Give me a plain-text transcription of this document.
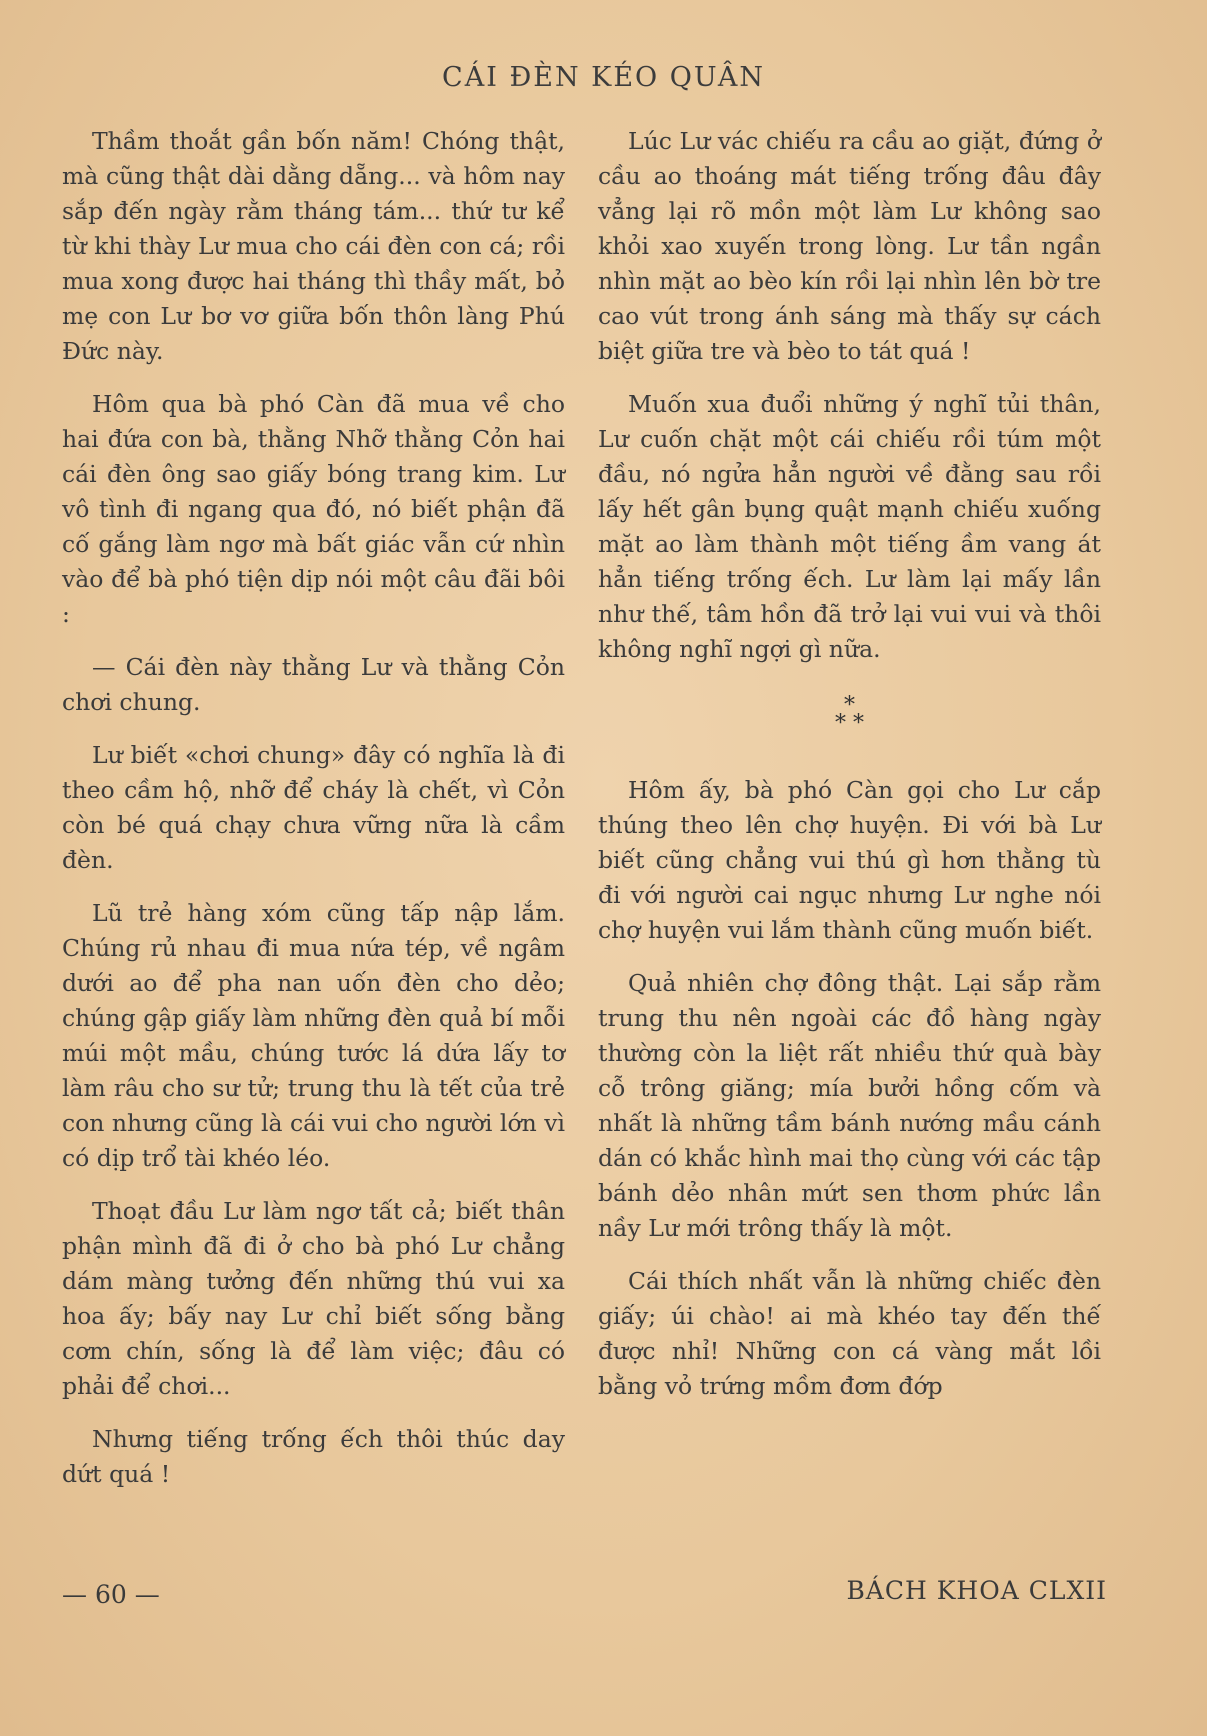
CÁI ĐÈN KÉO QUÂN

Thầm thoắt gần bốn năm! Chóng thật, mà cũng thật dài dằng dẵng... và hôm nay sắp đến ngày rằm tháng tám... thứ tư kể từ khi thày Lư mua cho cái đèn con cá; rồi mua xong được hai tháng thì thầy mất, bỏ mẹ con Lư bơ vơ giữa bốn thôn làng Phú Đức này.

Hôm qua bà phó Càn đã mua về cho hai đứa con bà, thằng Nhỡ thằng Cỏn hai cái đèn ông sao giấy bóng trang kim. Lư vô tình đi ngang qua đó, nó biết phận đã cố gắng làm ngơ mà bất giác vẫn cứ nhìn vào để bà phó tiện dịp nói một câu đãi bôi :

— Cái đèn này thằng Lư và thằng Cỏn chơi chung.

Lư biết «chơi chung» đây có nghĩa là đi theo cầm hộ, nhỡ để cháy là chết, vì Cỏn còn bé quá chạy chưa vững nữa là cầm đèn.

Lũ trẻ hàng xóm cũng tấp nập lắm. Chúng rủ nhau đi mua nứa tép, về ngâm dưới ao để pha nan uốn đèn cho dẻo; chúng gập giấy làm những đèn quả bí mỗi múi một mầu, chúng tước lá dứa lấy tơ làm râu cho sư tử; trung thu là tết của trẻ con nhưng cũng là cái vui cho người lớn vì có dịp trổ tài khéo léo.

Thoạt đầu Lư làm ngơ tất cả; biết thân phận mình đã đi ở cho bà phó Lư chẳng dám màng tưởng đến những thú vui xa hoa ấy; bấy nay Lư chỉ biết sống bằng cơm chín, sống là để làm việc; đâu có phải để chơi...

Nhưng tiếng trống ếch thôi thúc day dứt quá !

Lúc Lư vác chiếu ra cầu ao giặt, đứng ở cầu ao thoáng mát tiếng trống đâu đây vẳng lại rõ mồn một làm Lư không sao khỏi xao xuyến trong lòng. Lư tần ngần nhìn mặt ao bèo kín rồi lại nhìn lên bờ tre cao vút trong ánh sáng mà thấy sự cách biệt giữa tre và bèo to tát quá !

Muốn xua đuổi những ý nghĩ tủi thân, Lư cuốn chặt một cái chiếu rồi túm một đầu, nó ngửa hẳn người về đằng sau rồi lấy hết gân bụng quật mạnh chiếu xuống mặt ao làm thành một tiếng ầm vang át hẳn tiếng trống ếch. Lư làm lại mấy lần như thế, tâm hồn đã trở lại vui vui và thôi không nghĩ ngợi gì nữa.

*
* *

Hôm ấy, bà phó Càn gọi cho Lư cắp thúng theo lên chợ huyện. Đi với bà Lư biết cũng chẳng vui thú gì hơn thằng tù đi với người cai ngục nhưng Lư nghe nói chợ huyện vui lắm thành cũng muốn biết.

Quả nhiên chợ đông thật. Lại sắp rằm trung thu nên ngoài các đồ hàng ngày thường còn la liệt rất nhiều thứ quà bày cỗ trông giăng; mía bưởi hồng cốm và nhất là những tầm bánh nướng mầu cánh dán có khắc hình mai thọ cùng với các tập bánh dẻo nhân mứt sen thơm phức lần nầy Lư mới trông thấy là một.

Cái thích nhất vẫn là những chiếc đèn giấy; úi chào! ai mà khéo tay đến thế được nhỉ! Những con cá vàng mắt lồi bằng vỏ trứng mồm đơm đớp

— 60 —	BÁCH KHOA CLXII
